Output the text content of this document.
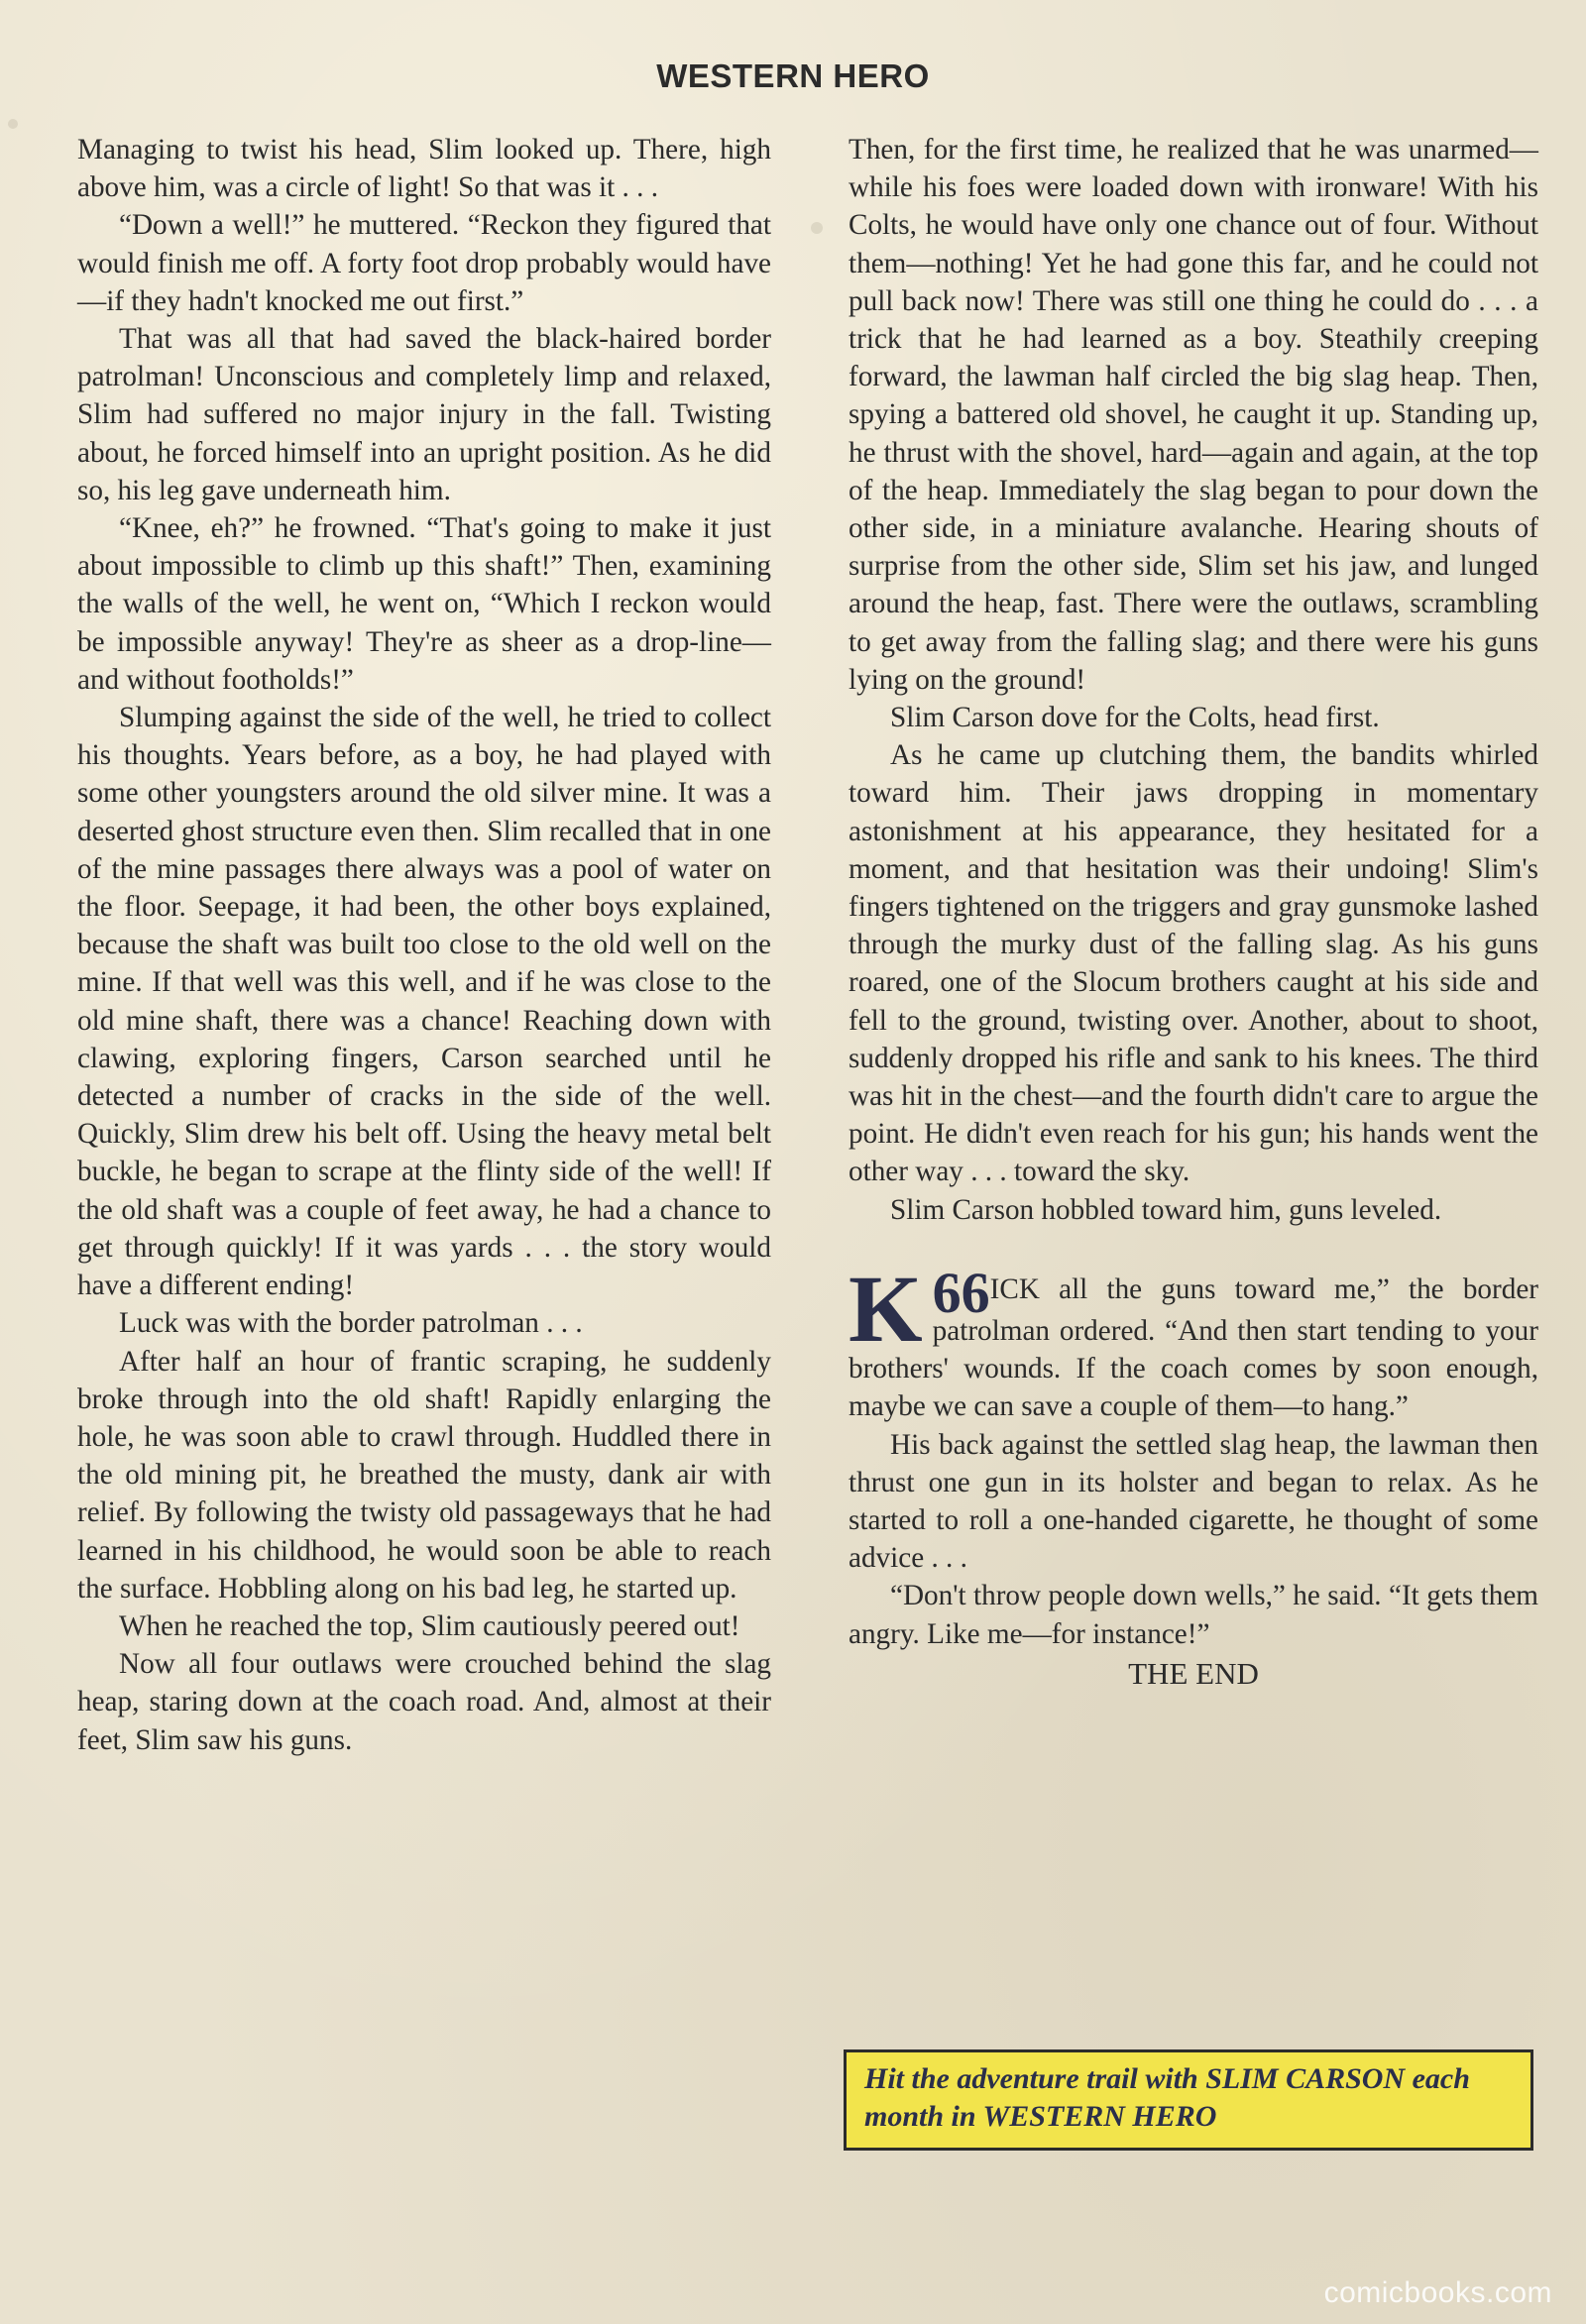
WESTERN HERO

Managing to twist his head, Slim looked up. There, high above him, was a circle of light! So that was it . . .

“Down a well!” he muttered. “Reckon they figured that would finish me off. A forty foot drop probably would have—if they hadn't knocked me out first.”

That was all that had saved the black-haired border patrolman! Unconscious and completely limp and relaxed, Slim had suffered no major injury in the fall. Twisting about, he forced himself into an upright position. As he did so, his leg gave underneath him.

“Knee, eh?” he frowned. “That's going to make it just about impossible to climb up this shaft!” Then, examining the walls of the well, he went on, “Which I reckon would be impossible anyway! They're as sheer as a drop-line—and without footholds!”

Slumping against the side of the well, he tried to collect his thoughts. Years before, as a boy, he had played with some other youngsters around the old silver mine. It was a deserted ghost structure even then. Slim recalled that in one of the mine passages there always was a pool of water on the floor. Seepage, it had been, the other boys explained, because the shaft was built too close to the old well on the mine. If that well was this well, and if he was close to the old mine shaft, there was a chance! Reaching down with clawing, exploring fingers, Carson searched until he detected a number of cracks in the side of the well. Quickly, Slim drew his belt off. Using the heavy metal belt buckle, he began to scrape at the flinty side of the well! If the old shaft was a couple of feet away, he had a chance to get through quickly! If it was yards . . . the story would have a different ending!

Luck was with the border patrolman . . .

After half an hour of frantic scraping, he suddenly broke through into the old shaft! Rapidly enlarging the hole, he was soon able to crawl through. Huddled there in the old mining pit, he breathed the musty, dank air with relief. By following the twisty old passageways that he had learned in his childhood, he would soon be able to reach the surface. Hobbling along on his bad leg, he started up.

When he reached the top, Slim cautiously peered out!

Now all four outlaws were crouched behind the slag heap, staring down at the coach road. And, almost at their feet, Slim saw his guns.

Then, for the first time, he realized that he was unarmed—while his foes were loaded down with ironware! With his Colts, he would have only one chance out of four. Without them—nothing! Yet he had gone this far, and he could not pull back now! There was still one thing he could do . . . a trick that he had learned as a boy. Steathily creeping forward, the lawman half circled the big slag heap. Then, spying a battered old shovel, he caught it up. Standing up, he thrust with the shovel, hard—again and again, at the top of the heap. Immediately the slag began to pour down the other side, in a miniature avalanche. Hearing shouts of surprise from the other side, Slim set his jaw, and lunged around the heap, fast. There were the outlaws, scrambling to get away from the falling slag; and there were his guns lying on the ground!

Slim Carson dove for the Colts, head first.

As he came up clutching them, the bandits whirled toward him. Their jaws dropping in momentary astonishment at his appearance, they hesitated for a moment, and that hesitation was their undoing! Slim's fingers tightened on the triggers and gray gunsmoke lashed through the murky dust of the falling slag. As his guns roared, one of the Slocum brothers caught at his side and fell to the ground, twisting over. Another, about to shoot, suddenly dropped his rifle and sank to his knees. The third was hit in the chest—and the fourth didn't care to argue the point. He didn't even reach for his gun; his hands went the other way . . . toward the sky.

Slim Carson hobbled toward him, guns leveled.

66
K ICK all the guns toward me,” the border patrolman ordered. “And then start tending to your brothers' wounds. If the coach comes by soon enough, maybe we can save a couple of them—to hang.”

His back against the settled slag heap, the lawman then thrust one gun in its holster and began to relax. As he started to roll a one-handed cigarette, he thought of some advice . . .

“Don't throw people down wells,” he said. “It gets them angry. Like me—for instance!”

THE END

Hit the adventure trail with SLIM CARSON each month in WESTERN HERO
comicbooks.com
